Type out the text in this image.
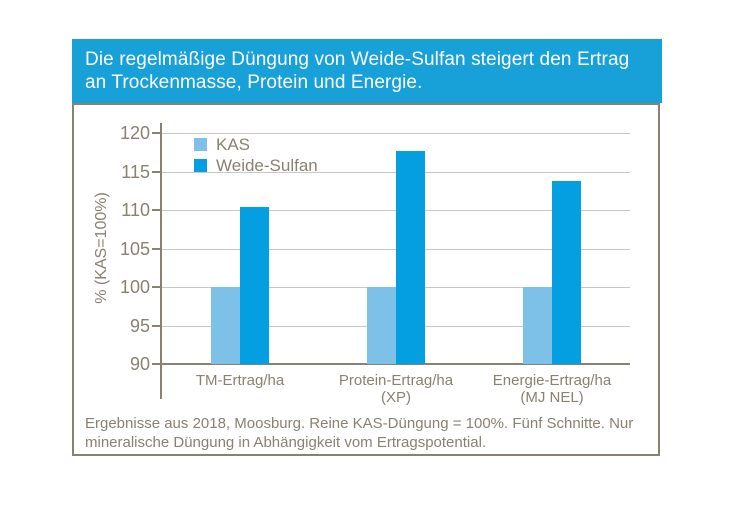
Die regelmäßige Düngung von Weide-Sulfan steigert den Ertrag an Trockenmasse, Protein und Energie.
% (KAS=100%)
KAS
Weide-Sulfan
TM-Ertrag/ha	Protein-Ertrag/ha
(XP)
Energie-Ertrag/ha
(MJ NEL)
Ergebnisse aus 2018, Moosburg. Reine KAS-Düngung = 100%. Fünf Schnitte. Nur mineralische Düngung in Abhängigkeit vom Ertragspotential.
90
95
100
105
110
115
120
